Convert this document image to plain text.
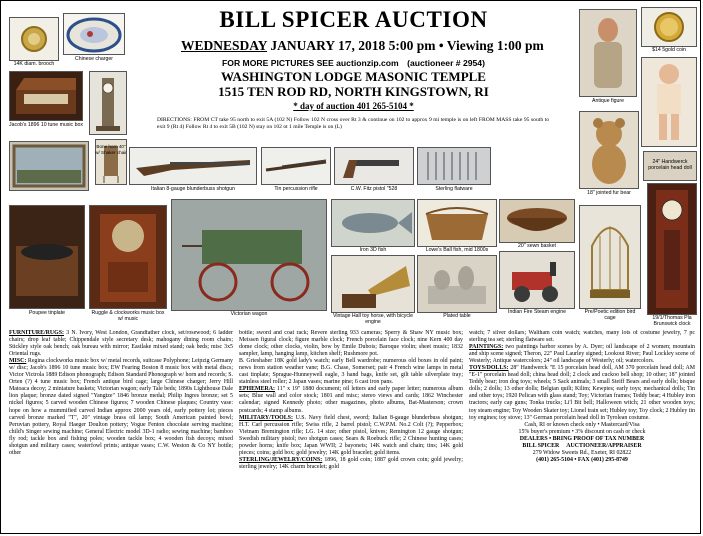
BILL SPICER AUCTION
WEDNESDAY JANUARY 17, 2018 5:00 pm • Viewing 1:00 pm
FOR MORE PICTURES SEE auctionzip.com (auctioneer # 2954)
WASHINGTON LODGE MASONIC TEMPLE
1515 TEN ROD RD, NORTH KINGSTOWN, RI
* day of auction 401 265-5104 *
DIRECTIONS: FROM CT take 95 north to exit 5A (102 N) Follow 102 N cross over Rt 3 & continue on 102 to approx 9 mi temple is on left FROM MASS take 95 south to exit 9 (Rt 4) Follow Rt 4 to exit 5B (102 N) stay on 102 ot 1 mile Temple is on (L)
14K diam. brooch
Chinese charger
Jacob's 1896 10 tune music box
Bone horn 40" w/ Shaker chair
Italian 8-gauge blunderbuss shotgun	Tin percussion rifle	C.W. Fitz pistol "528	Sterling flatware
Antique figure
$14 5gold coin
18" jointed fur bear
24" Handwerck porcelain head doll
19/1/Thomas Pla Brunswick clock
Iron 3D fish	Lowe's Ball fish, mid 1800s
20" sewn basket
Vintage Hall toy horse, with bicycle engine
Plated table
Indian Fire Steam engine	Pre/Poetic edition bird cage
Poupee tinplate	Ruggle & clockworks music box w/ music
Victorian wagon

FURNITURE/RUGS: 3 N. Ivory, West London, Grandfather clock, set/rosewood; 6 ladder chairs; drop leaf table; Chippendale style secretary desk; mahogany dining room chairs; Stickley style oak bench; oak bureau with mirror; Eastlake mixed stand; oak beds; misc 3x5 Oriental rugs.

MISC: Regina clockworks music box w/ metal records, suitcase Polyphone; Leipzig Germany w/ disc; Jacob's 1896 10 tune music box; EW Fearing Boston 8 music box with metal discs; Victor Victrola 1889 Edison phonograph; Edison Standard Phonograph w/ horn and records; S. Orten (?) 4 tune music box; French antique bird cage; large Chinese charger; Jerry Hill Matoaca decoy; 2 miniature baskets; Victorian wagon; early Tale beds; 1890s Lighthouse Dale lion plaque; bronze dated signed "Yangtze" 1846 bronze medal; Philip Ingres bronze; set 5 nickel figures; 5 carved wooden Chinese figures; 7 wooden Chinese plaques; Country vase: hope on how a mummified carved Indian approx 2000 years old, early pottery lot; pieces carved bronze marked "T", 20" vintage brass oil lamp; South American painted bowl; Peruvian pottery, Royal Haeger Doulton pottery; Vogue Fenton chocolate serving machine; child's Singer sewing machine; General Electric model 3D-1 radio; sewing machine; bamboo fly rod; tackle box and fishing poles; wooden tackle box; 4 wooden fish decoys; mixed shotgun and military cases; waterfowl prints; antique vases; C.W. Weston & Co NY bottle; other

bottle; sword and coat rack; Revere sterling 933 cameras; Sperry & Shaw NY music box; Meissen figural clock; figure marble clock; French porcelain face clock; nine Kern 400 day dome clock; other clocks, violin, bow by Emile Dubois; Baroque violin; sheet music; 1832 sampler, lamp, hanging lamp, kitchen shelf; Rushmore pot.

B. Grieshaber 18K gold lady's watch; early Bell wardrobe; numerous old boxes in old paint; news from station weather vane; B.G. Chase, Somerset; pair 4 French wine lamps in metal cast tinplate; Sprague-Hunneywell eagle, 3 hand bags, knife set, gilt table silverplate tray; stainless steel roller; 2 Japan vases; marine pine; 6 cast iron pans.

EPHEMERA: 11" x 19" 1880 document; oil letters and early paper letter; numerous album sets; Blue wall and color stock; 1801 and misc; stereo views and cards; 1862 Winchester calendar; signed Kennedy photo; other magazines, photo albums, Bat-Masterson; crown postcards; 4 stamp albums.

MILITARY/TOOLS: U.S. Navy field chest, sword; Italian 8-gauge blunderbuss shotgun; H.T. Carl percussion rifle; Swiss rifle, 2 barrel pistol; C.W.P.M. No.2 Colt (?); Pepperbox; Vietnam Bremington rifle; LG. 14 size; other pistol, knives; Remington 12 gauge shotgun; Swedish military pistol; two shotgun cases; Sears & Roebuck rifle; 2 Chinese hunting cases; powder horns; knife box; Japan WWII; 2 bayonets; 14K watch and chain; tins; 14K gold pieces; coins; gold box; gold jewelry; 14K gold bracelet; gold items.

STERLING/JEWELRY/COINS: 1896, 18 gold coin; 1887 gold crown coin; gold jewelry; sterling jewelry; 14K charm bracelet; gold

watch; 7 silver dollars; Waltham coin watch; watches, many lots of costume jewelry, 7 pc sterling tea set; sterling flatware set.

PAINTINGS: two paintings harbor scenes by A. Dyer; oil landscape of 2 women; mountain and ship scene signed; Theron, 22" Paul Laurley signed; Lookout River; Paul Lockley scene of Westerly; Antique watercolors; 24" oil landscape of Westerly; oil; watercolors.

TOYS/DOLLS: 28" Handwerck "E 15 porcelain head doll, AM 370 porcelain head doll; AM "E-1" porcelain head doll; china head doll; 2 clock and cuckoo bell shop; 10 other; 18" jointed Teddy bear; iron dog toys; wheels; 5 Sack animals; 3 small Steiff Bears and early dolls; bisque dolls; 2 dolls; 13 other dolls; Belgian quilt; Kilim; Kewpies; early toys; mechanical dolls; Tin and other toys; 1920 Pelican with glass stand; Toy; Victorian frames; Teddy bear; 4 Hubley iron tractors; early cap guns; Tonka trucks; Li'l Bit bell; Halloween witch; 21 other wooden toys; toy steam engine; Toy Wooden Skater toy; Lionel train set; Hubley toy; Toy clock; 2 Hubley tin toy engines; toy stove; 13" German porcelain head doll in Tyrolean costume.

Cash, RI or known check only • Mastercard/Visa

15% buyer's premium • 3% discount on cash or check

DEALERS • BRING PROOF OF TAX NUMBER

BILL SPICER     AUCTIONEER/APPRAISER

279 Widow Sweets Rd., Exeter, RI 02822

(401) 265-5104 • FAX (401) 295-8749
